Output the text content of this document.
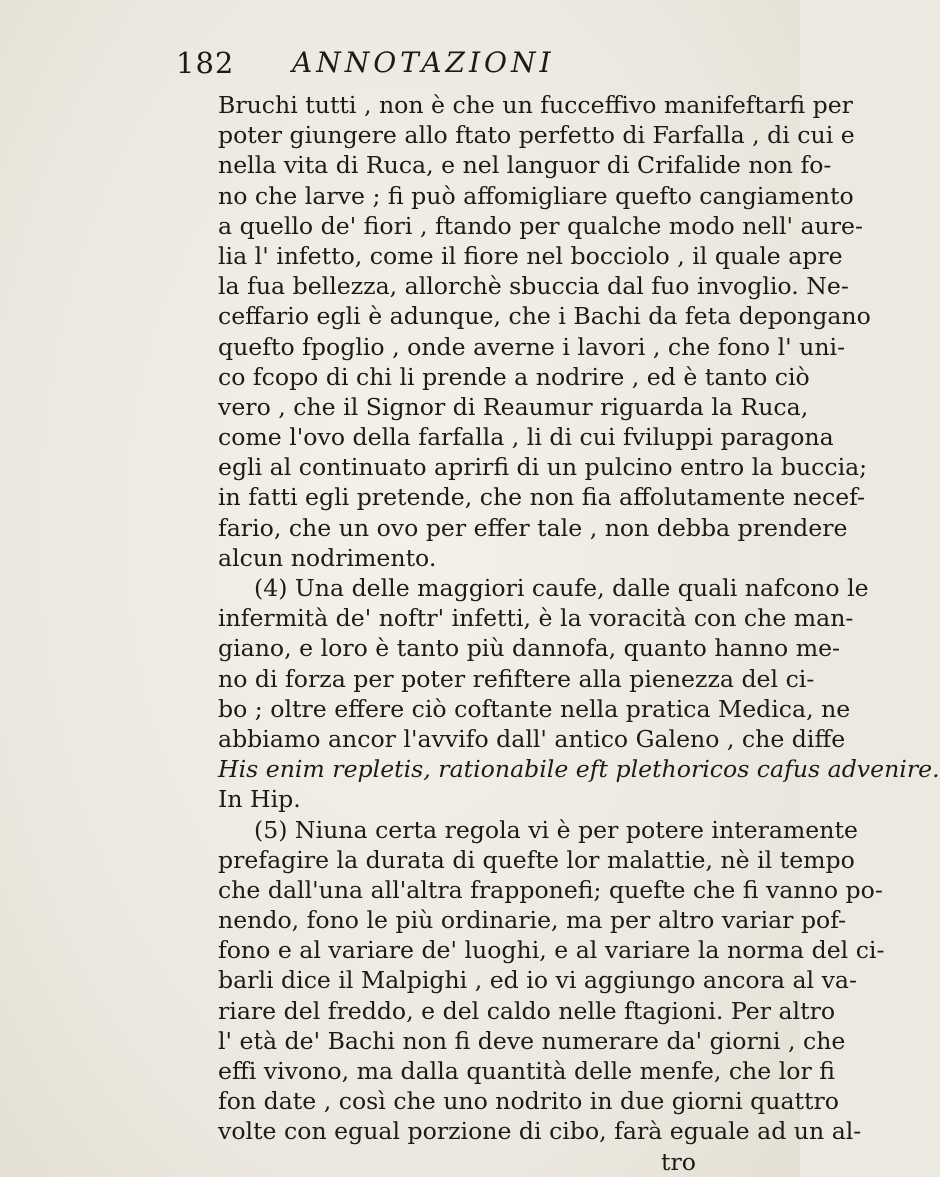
182 ANNOTAZIONI
Bruchi tutti , non è che un fucceffivo manifeftarfi per
poter giungere allo ftato perfetto di Farfalla , di cui e
nella vita di Ruca, e nel languor di Crifalide non fo-
no che larve ; fi può affomigliare quefto cangiamento
a quello de' fiori , ftando per qualche modo nell' aure-
lia l' infetto, come il fiore nel bocciolo , il quale apre
la fua bellezza, allorchè sbuccia dal fuo invoglio. Ne-
ceffario egli è adunque, che i Bachi da feta depongano
quefto fpoglio , onde averne i lavori , che fono l' uni-
co fcopo di chi li prende a nodrire , ed è tanto ciò
vero , che il Signor di Reaumur riguarda la Ruca,
come l'ovo della farfalla , li di cui fviluppi paragona
egli al continuato aprirfi di un pulcino entro la buccia;
in fatti egli pretende, che non fia affolutamente necef-
fario, che un ovo per effer tale , non debba prendere
alcun nodrimento.
(4) Una delle maggiori caufe, dalle quali nafcono le
infermità de' noftr' infetti, è la voracità con che man-
giano, e loro è tanto più dannofa, quanto hanno me-
no di forza per poter refiftere alla pienezza del ci-
bo ; oltre effere ciò coftante nella pratica Medica, ne
abbiamo ancor l'avvifo dall' antico Galeno , che diffe
His enim repletis, rationabile eft plethoricos cafus advenire.
In Hip.
(5) Niuna certa regola vi è per potere interamente
prefagire la durata di quefte lor malattie, nè il tempo
che dall'una all'altra frapponefi; quefte che fi vanno po-
nendo, fono le più ordinarie, ma per altro variar pof-
fono e al variare de' luoghi, e al variare la norma del ci-
barli dice il Malpighi , ed io vi aggiungo ancora al va-
riare del freddo, e del caldo nelle ftagioni. Per altro
l' età de' Bachi non fi deve numerare da' giorni , che
effi vivono, ma dalla quantità delle menfe, che lor fi
fon date , così che uno nodrito in due giorni quattro
volte con egual porzione di cibo, farà eguale ad un al-
tro
